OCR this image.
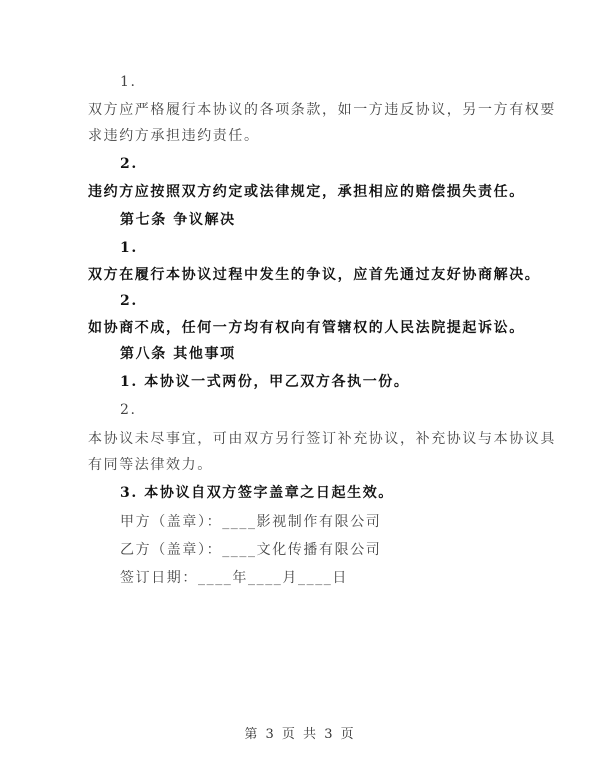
1.
双方应严格履行本协议的各项条款，如一方违反协议，另一方有权要
求违约方承担违约责任。
2.
违约方应按照双方约定或法律规定，承担相应的赔偿损失责任。
第七条 争议解决
1.
双方在履行本协议过程中发生的争议，应首先通过友好协商解决。
2.
如协商不成，任何一方均有权向有管辖权的人民法院提起诉讼。
第八条 其他事项
1. 本协议一式两份，甲乙双方各执一份。
2.
本协议未尽事宜，可由双方另行签订补充协议，补充协议与本协议具
有同等法律效力。
3. 本协议自双方签字盖章之日起生效。
甲方（盖章）：____影视制作有限公司
乙方（盖章）：____文化传播有限公司
签订日期：____年____月____日
第 3 页 共 3 页
